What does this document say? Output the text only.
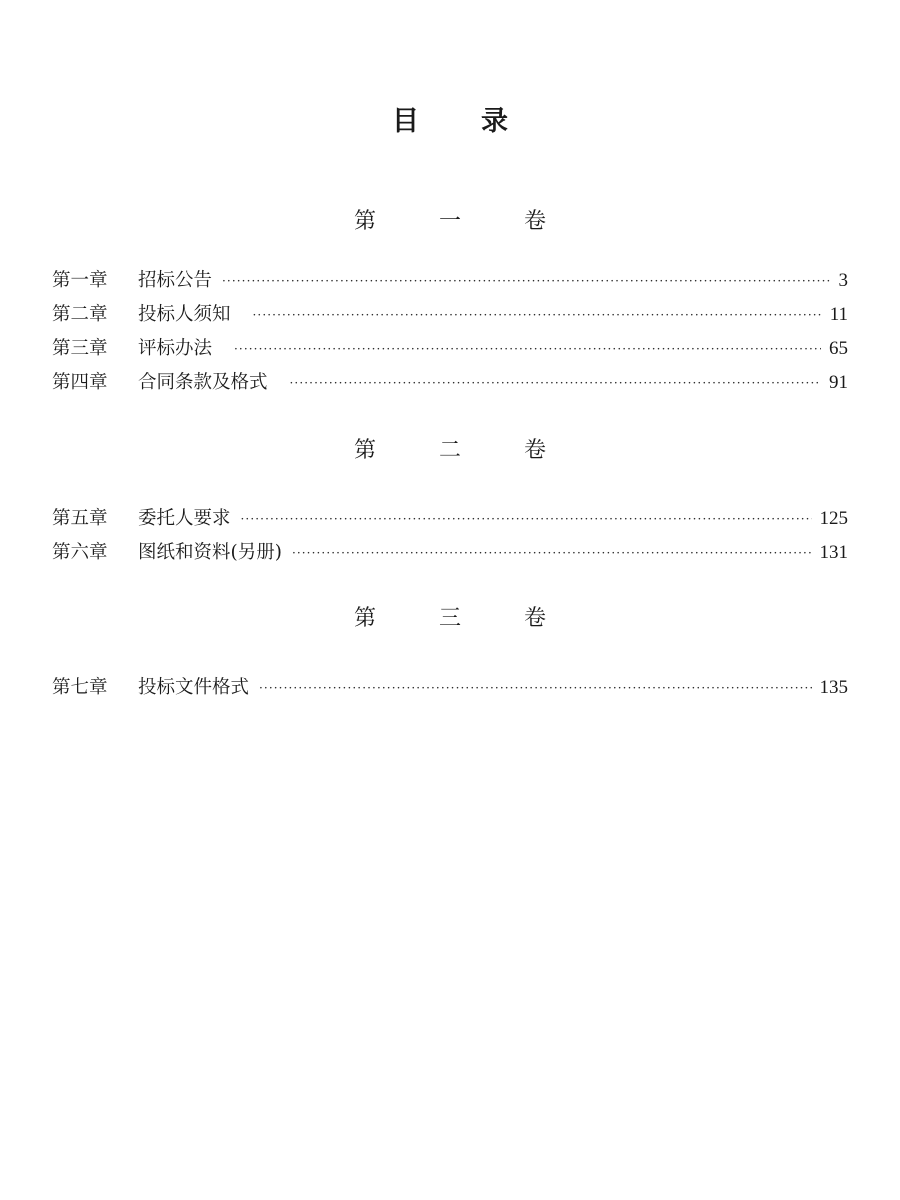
目录
第 一 卷
第一章	招标公告 ·····	3
第二章	投标人须知 ·····	11
第三章	评标办法 ·····	65
第四章	合同条款及格式 ·····	91
第 二 卷
第五章	委托人要求 ·····	125
第六章	图纸和资料(另册) ·····	131
第 三 卷
第七章	投标文件格式 ·····	135
